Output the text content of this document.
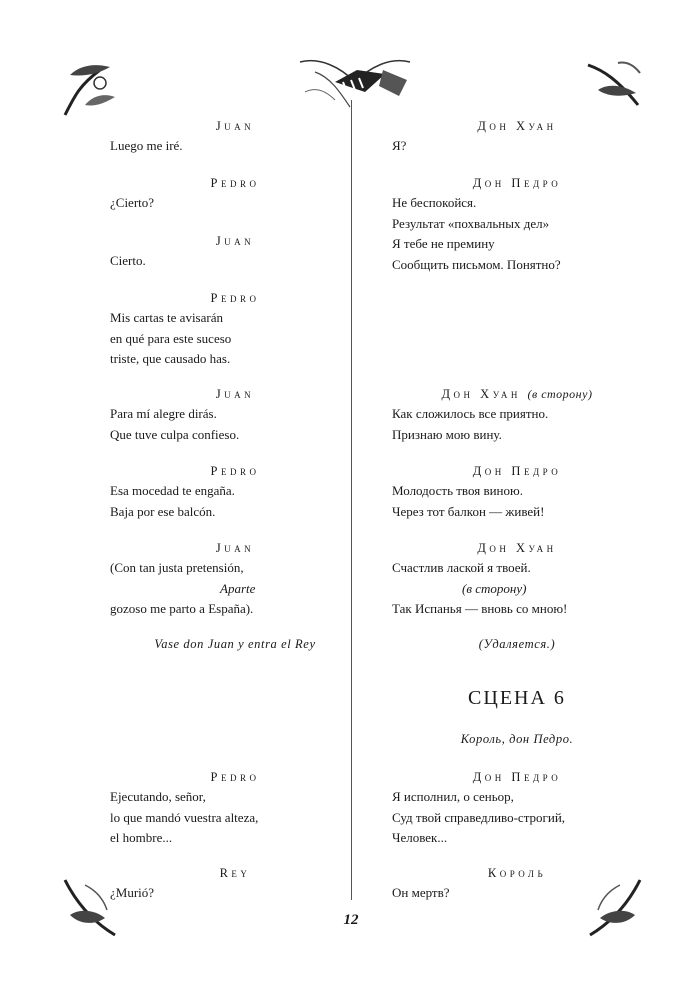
Juan
Luego me iré.
Pedro
¿Cierto?
Juan
Cierto.
Pedro
Mis cartas te avisarán
en qué para este suceso
triste, que causado has.
Juan
Para mí alegre dirás.
Que tuve culpa confieso.
Pedro
Esa mocedad te engaña.
Baja por ese balcón.
Juan
(Con tan justa pretensión,
Aparte
gozoso me parto a España).
Vase don Juan y entra el Rey
Pedro
Ejecutando, señor,
lo que mandó vuestra alteza,
el hombre...
Rey
¿Murió?
Дон Хуан
Я?
Дон Педро
Не беспокойся.
Результат «похвальных дел»
Я тебе не премину
Сообщить письмом. Понятно?
Дон Хуан (в сторону)
Как сложилось все приятно.
Признаю мою вину.
Дон Педро
Молодость твоя виною.
Через тот балкон — живей!
Дон Хуан
Счастлив лаской я твоей.
(в сторону)
Так Испанья — вновь со мною!
(Удаляется.)
СЦЕНА 6
Король, дон Педро.
Дон Педро
Я исполнил, о сеньор,
Суд твой справедливо-строгий,
Человек...
Король
Он мертв?
12
